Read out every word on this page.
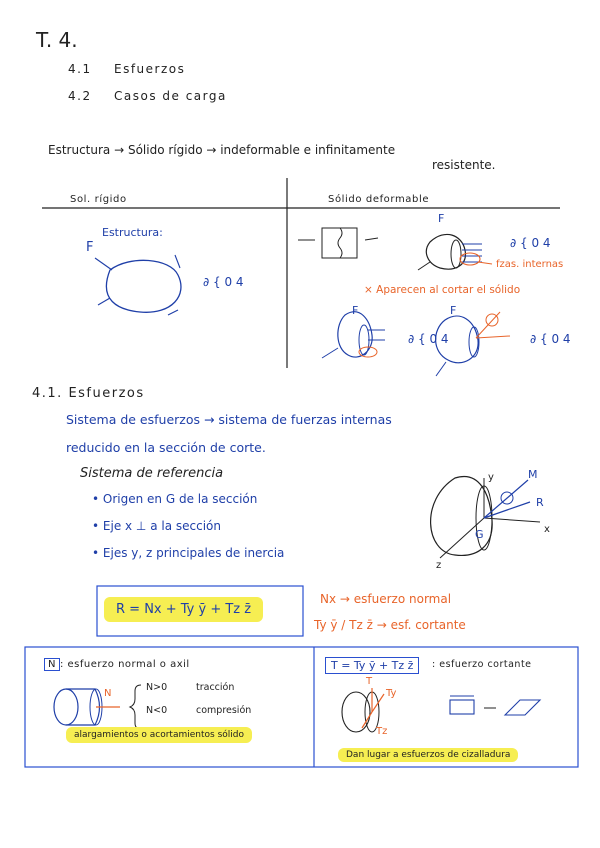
T. 4.
4.1 Esfuerzos
4.2 Casos de carga
Estructura → Sólido rígido → indeformable e infinitamente
resistente.
Sol. rígido	Sólido deformable
Estructura:
F
∂ { 0 4
F
∂ { 0 4
fzas. internas
× Aparecen al cortar el sólido
F
∂ { 0 4
F
∂ { 0 4
4.1. Esfuerzos
Sistema de esfuerzos → sistema de fuerzas internas
reducido en la sección de corte.
Sistema de referencia
• Origen en G de la sección
• Eje x ⊥ a la sección
• Ejes y, z principales de inercia
y
x
z
G
M
R
R = Nx + Ty ȳ + Tz z̄
Nx → esfuerzo normal
Ty ȳ / Tz z̄ → esf. cortante
N : esfuerzo normal o axil
N
N>0	tracción
N<0	compresión
alargamientos o acortamientos sólido
T = Ty ȳ + Tz z̄	: esfuerzo cortante
T
Ty
Tz
Dan lugar a esfuerzos de cizalladura
